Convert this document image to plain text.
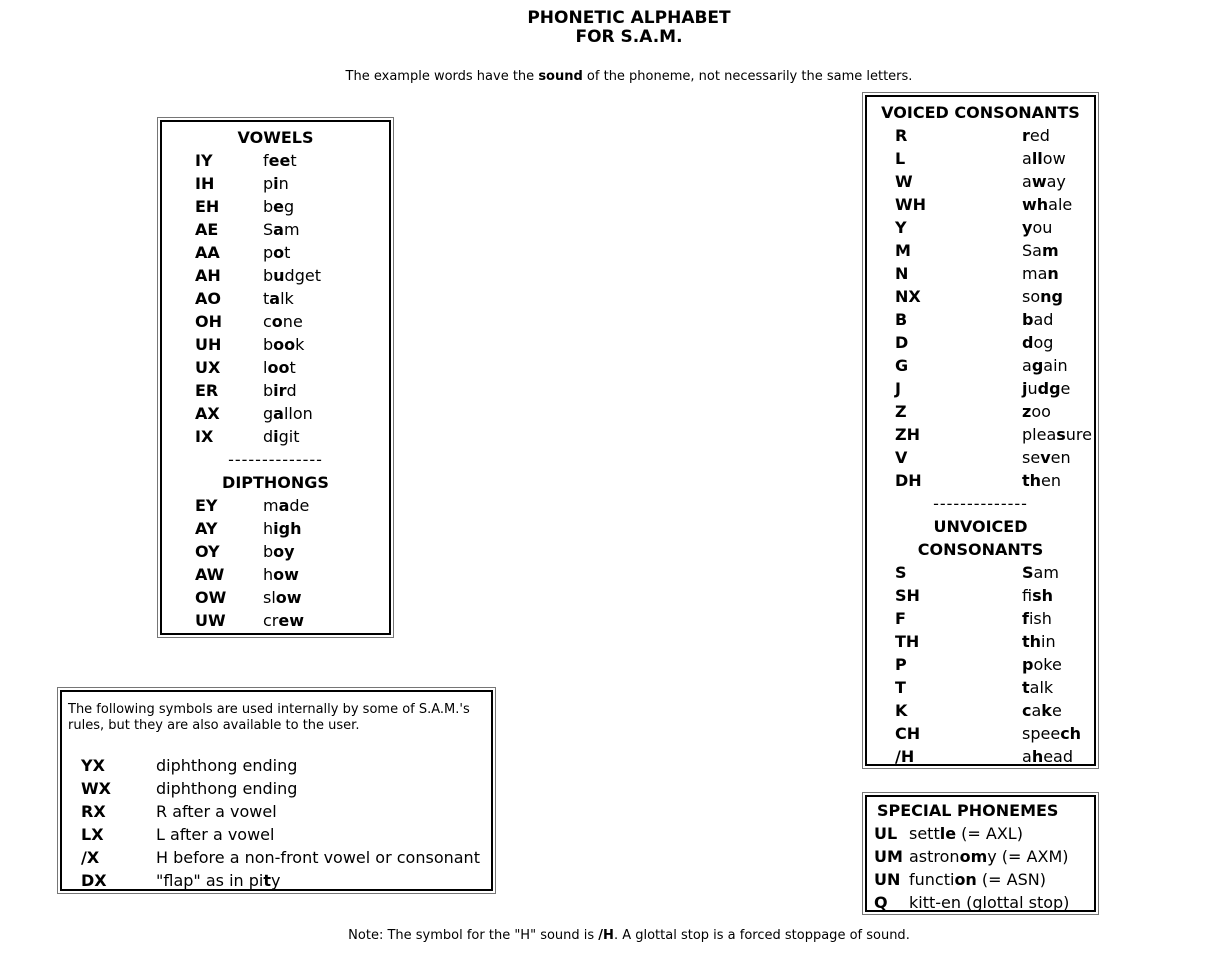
PHONETIC ALPHABET
FOR S.A.M.
The example words have the sound of the phoneme, not necessarily the same letters.
VOWELS
IY	feet
IH	pin
EH	beg
AE	Sam
AA	pot
AH	budget
AO	talk
OH	cone
UH	book
UX	loot
ER	bird
AX	gallon
IX	digit
--------------
DIPTHONGS
EY	made
AY	high
OY	boy
AW	how
OW	slow
UW	crew
VOICED CONSONANTS
R	red
L	allow
W	away
WH	whale
Y	you
M	Sam
N	man
NX	song
B	bad
D	dog
G	again
J	judge
Z	zoo
ZH	pleasure
V	seven
DH	then
--------------
UNVOICED
CONSONANTS
S	Sam
SH	fish
F	fish
TH	thin
P	poke
T	talk
K	cake
CH	speech
/H	ahead
The following symbols are used internally by some of S.A.M.'s rules, but they are also available to the user.
YX	diphthong ending
WX	diphthong ending
RX	R after a vowel
LX	L after a vowel
/X	H before a non-front vowel or consonant
DX	"flap" as in pity
SPECIAL PHONEMES
UL settle (= AXL)
UM astronomy (= AXM)
UN function (= ASN)
Q	kitt-en (glottal stop)
Note: The symbol for the "H" sound is /H. A glottal stop is a forced stoppage of sound.
